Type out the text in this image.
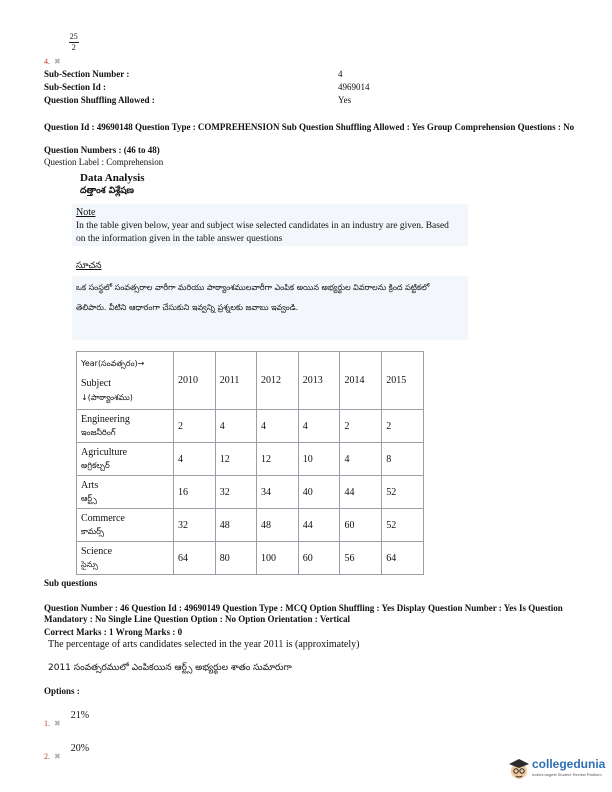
$_{4.}$ $_✖$
$\frac{25}{2}$
Sub-Section Number :	4
Sub-Section Id :	4969014
Question Shuffling Allowed :	Yes
Question Id : 49690148 Question Type : COMPREHENSION Sub Question Shuffling Allowed : Yes Group Comprehension Questions : No
Question Numbers : (46 to 48)
Question Label : Comprehension
Data Analysis
దత్తాంశ విశ్లేషణ
Note
In the table given below, year and subject wise selected candidates in an industry are given. Based on the information given in the table answer questions
సూచన
ఒక సంస్థలో సంవత్సరాల వారీగా మరియు పాఠ్యాంశములవారీగా ఎంపిక అయిన అభ్యర్థుల వివరాలను క్రింద పట్టికలో తెలిపారు. వీటిని ఆధారంగా చేసుకుని ఇవ్వన్ని ప్రశ్నలకు జవాబు ఇవ్వండి.
Year(సంవత్సరం)→
Subject
↓(పాఠ్యాంశము)	2010	2011	2012	2013	2014	2015

Engineering
ఇంజనీరింగ్	2	4	4	4	2	2

Agriculture
అగ్రికల్చర్	4	12	12	10	4	8

Arts
ఆర్ట్స్	16	32	34	40	44	52

Commerce
కామర్స్	32	48	48	44	60	52

Science
సైన్సు	64	80	100	60	56	64
Sub questions
Question Number : 46 Question Id : 49690149 Question Type : MCQ Option Shuffling : Yes Display Question Number : Yes Is Question Mandatory : No Single Line Question Option : No Option Orientation : Vertical
Correct Marks : 1 Wrong Marks : 0
The percentage of arts candidates selected in the year 2011 is (approximately)
2011 సంవత్సరములో ఎంపికయిన ఆర్ట్స్ అభ్యర్థుల శాతం సుమారుగా
Options :
$_{1.}$ $_✖$ 21%
$_{2.}$ $_✖$ 20%
collegedunia
India's largest Student Review Platform
